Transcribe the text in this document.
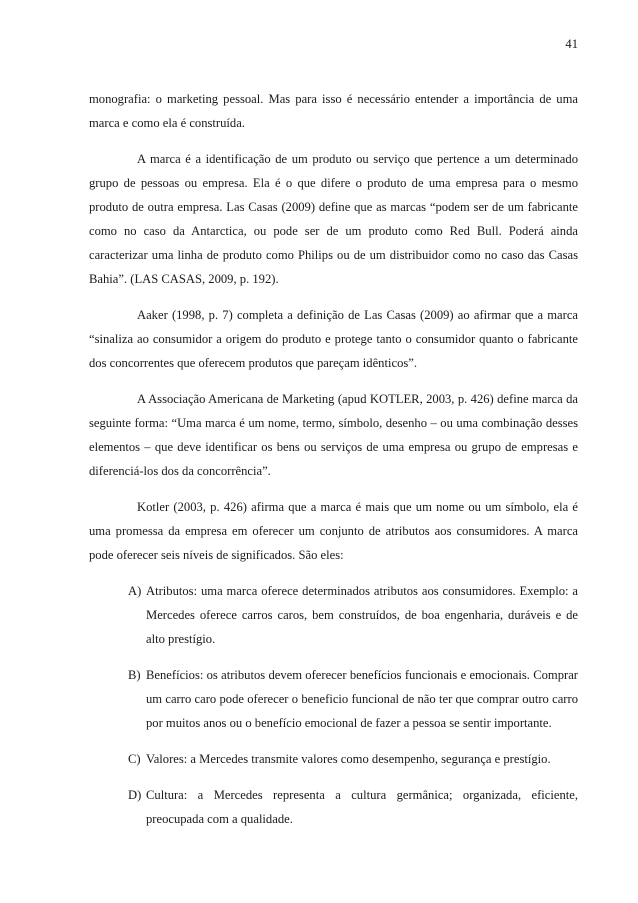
41

monografia: o marketing pessoal. Mas para isso é necessário entender a importância de uma marca e como ela é construída.

A marca é a identificação de um produto ou serviço que pertence a um determinado grupo de pessoas ou empresa. Ela é o que difere o produto de uma empresa para o mesmo produto de outra empresa. Las Casas (2009) define que as marcas “podem ser de um fabricante como no caso da Antarctica, ou pode ser de um produto como Red Bull. Poderá ainda caracterizar uma linha de produto como Philips ou de um distribuidor como no caso das Casas Bahia”. (LAS CASAS, 2009, p. 192).

Aaker (1998, p. 7) completa a definição de Las Casas (2009) ao afirmar que a marca “sinaliza ao consumidor a origem do produto e protege tanto o consumidor quanto o fabricante dos concorrentes que oferecem produtos que pareçam idênticos”.

A Associação Americana de Marketing (apud KOTLER, 2003, p. 426) define marca da seguinte forma: “Uma marca é um nome, termo, símbolo, desenho – ou uma combinação desses elementos – que deve identificar os bens ou serviços de uma empresa ou grupo de empresas e diferenciá-los dos da concorrência”.

Kotler (2003, p. 426) afirma que a marca é mais que um nome ou um símbolo, ela é uma promessa da empresa em oferecer um conjunto de atributos aos consumidores. A marca pode oferecer seis níveis de significados. São eles:

A) Atributos: uma marca oferece determinados atributos aos consumidores. Exemplo: a Mercedes oferece carros caros, bem construídos, de boa engenharia, duráveis e de alto prestígio.
B) Benefícios: os atributos devem oferecer benefícios funcionais e emocionais. Comprar um carro caro pode oferecer o beneficio funcional de não ter que comprar outro carro por muitos anos ou o benefício emocional de fazer a pessoa se sentir importante.
C) Valores: a Mercedes transmite valores como desempenho, segurança e prestígio.
D) Cultura: a Mercedes representa a cultura germânica; organizada, eficiente, preocupada com a qualidade.
